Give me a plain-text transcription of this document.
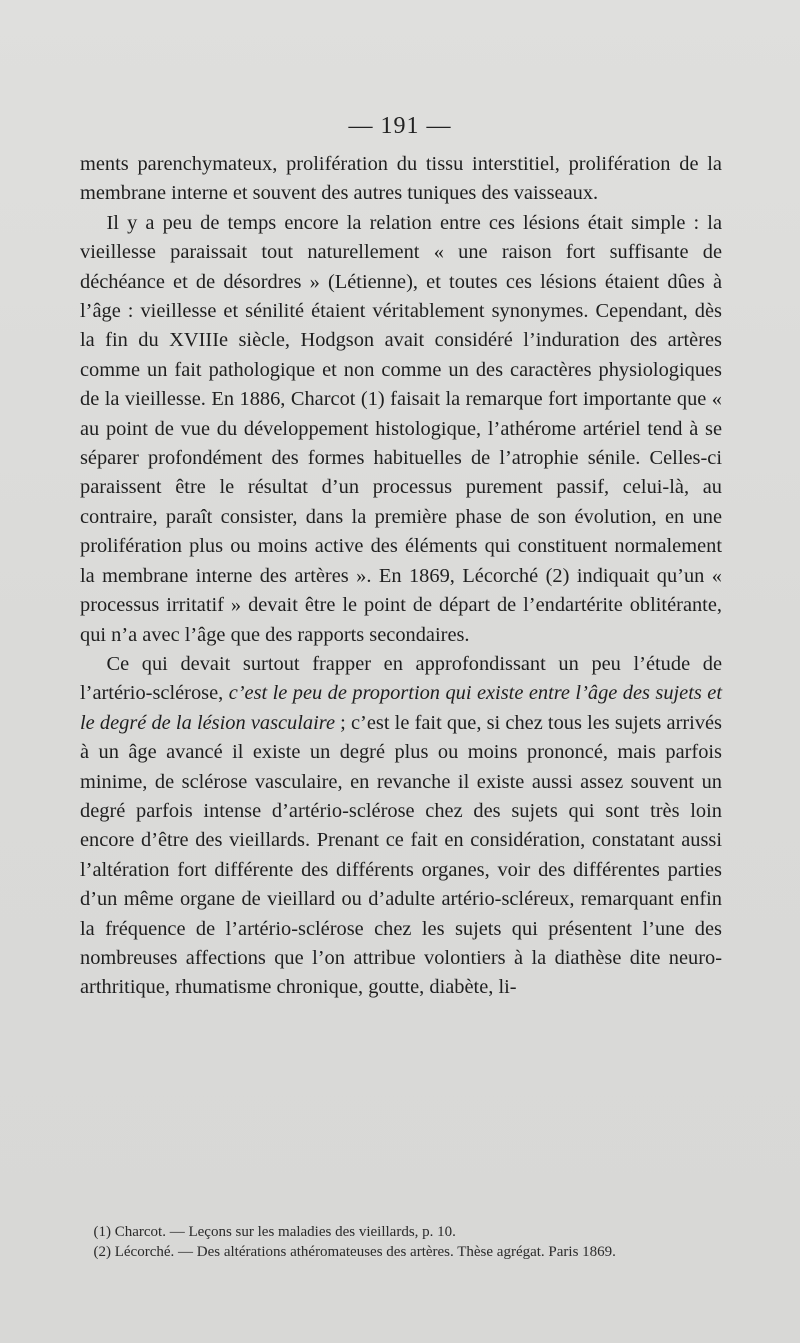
— 191 —

ments parenchymateux, prolifération du tissu interstitiel, prolifération de la membrane interne et souvent des autres tuniques des vaisseaux.

Il y a peu de temps encore la relation entre ces lésions était simple : la vieillesse paraissait tout naturellement « une raison fort suffisante de déchéance et de désordres » (Létienne), et toutes ces lésions étaient dûes à l’âge : vieillesse et sénilité étaient véritablement synonymes. Cependant, dès la fin du XVIIIe siècle, Hodgson avait considéré l’induration des artères comme un fait pathologique et non comme un des caractères physiologiques de la vieillesse. En 1886, Charcot (1) faisait la remarque fort importante que « au point de vue du développement histologique, l’athérome artériel tend à se séparer profondément des formes habituelles de l’atrophie sénile. Celles-ci paraissent être le résultat d’un processus purement passif, celui-là, au contraire, paraît consister, dans la première phase de son évolution, en une prolifération plus ou moins active des éléments qui constituent normalement la membrane interne des artères ». En 1869, Lécorché (2) indiquait qu’un « processus irritatif » devait être le point de départ de l’endartérite oblitérante, qui n’a avec l’âge que des rapports secondaires.

Ce qui devait surtout frapper en approfondissant un peu l’étude de l’artério-sclérose, c’est le peu de proportion qui existe entre l’âge des sujets et le degré de la lésion vasculaire ; c’est le fait que, si chez tous les sujets arrivés à un âge avancé il existe un degré plus ou moins prononcé, mais parfois minime, de sclérose vasculaire, en revanche il existe aussi assez souvent un degré parfois intense d’artério-sclérose chez des sujets qui sont très loin encore d’être des vieillards. Prenant ce fait en considération, constatant aussi l’altération fort différente des différents organes, voir des différentes parties d’un même organe de vieillard ou d’adulte artério-scléreux, remarquant enfin la fréquence de l’artério-sclérose chez les sujets qui présentent l’une des nombreuses affections que l’on attribue volontiers à la diathèse dite neuro-arthritique, rhumatisme chronique, goutte, diabète, li-

(1) Charcot. — Leçons sur les maladies des vieillards, p. 10.

(2) Lécorché. — Des altérations athéromateuses des artères. Thèse agrégat. Paris 1869.
